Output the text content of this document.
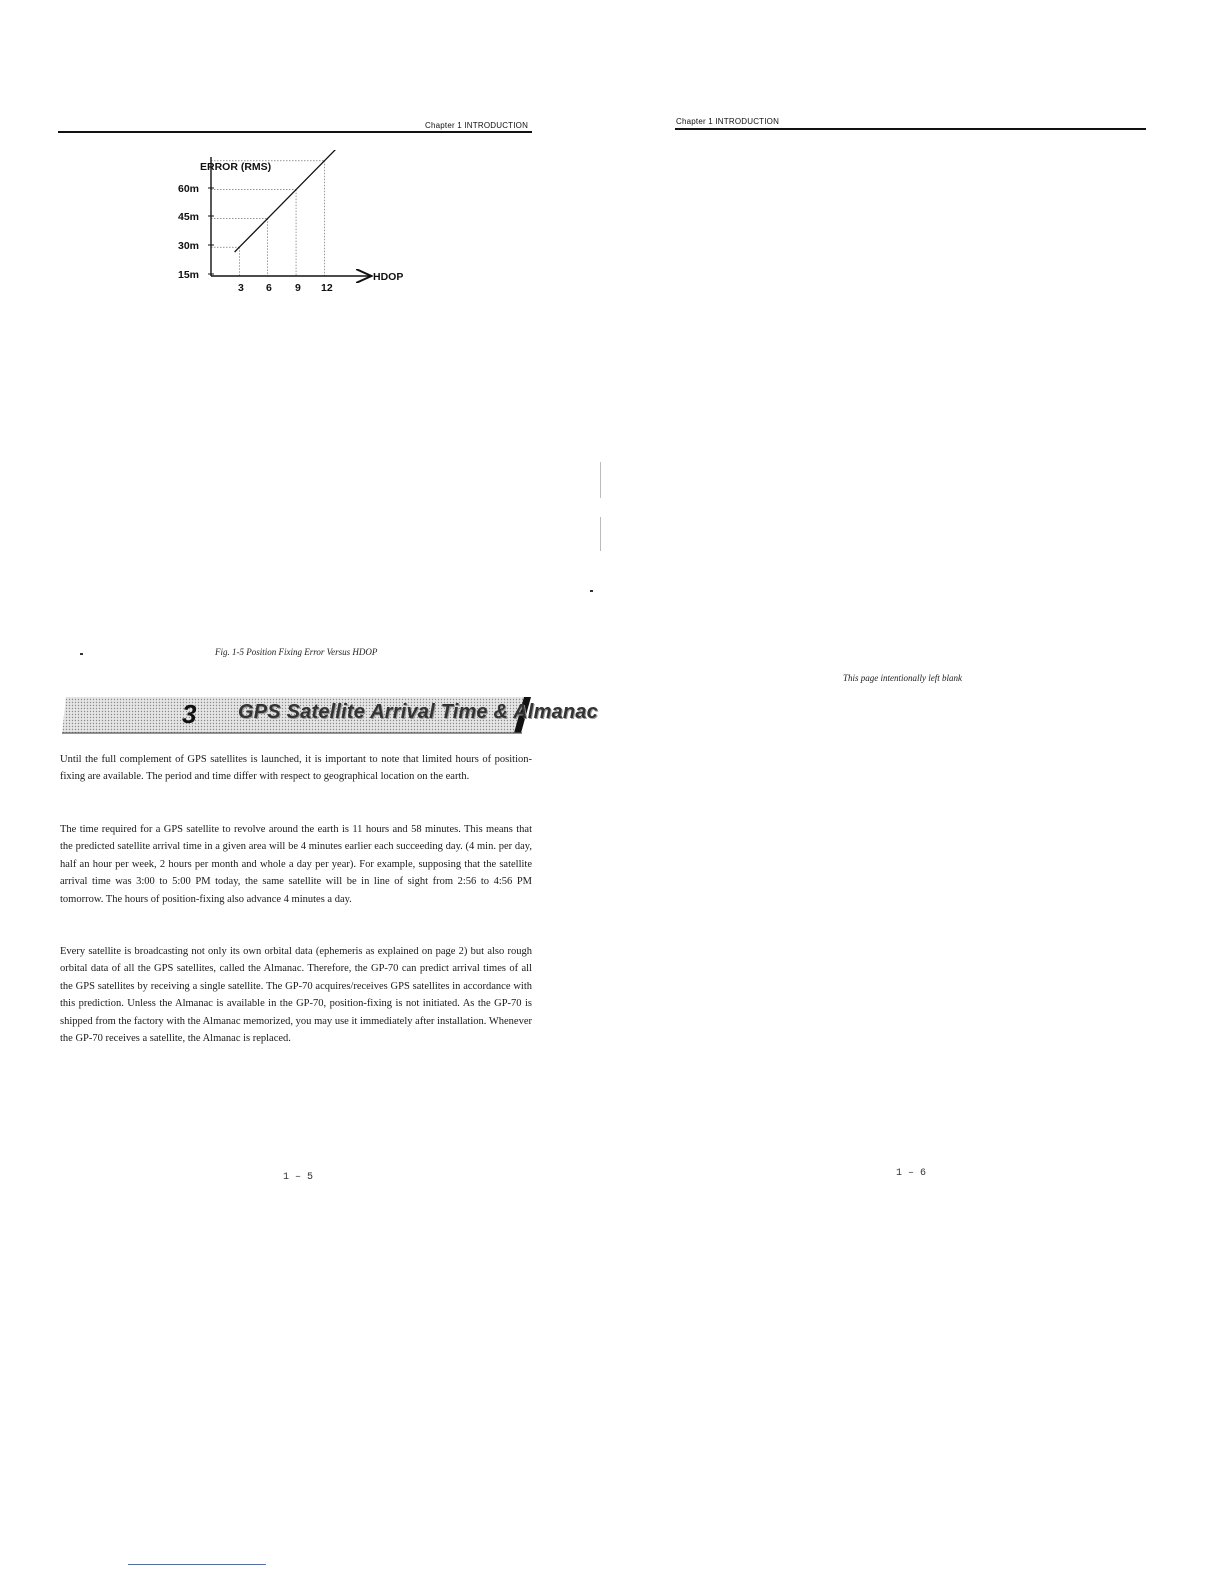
Chapter 1 INTRODUCTION
ERROR (RMS)
HDOP
60m
45m
30m
15m
3 6 9 12
Fig. 1-5 Position Fixing Error Versus HDOP
3 GPS Satellite Arrival Time & Almanac

Until the full complement of GPS satellites is launched, it is important to note that limited hours of position-fixing are available. The period and time differ with respect to geographical location on the earth.

The time required for a GPS satellite to revolve around the earth is 11 hours and 58 minutes. This means that the predicted satellite arrival time in a given area will be 4 minutes earlier each succeeding day. (4 min. per day, half an hour per week, 2 hours per month and whole a day per year). For example, supposing that the satellite arrival time was 3:00 to 5:00 PM today, the same satellite will be in line of sight from 2:56 to 4:56 PM tomorrow. The hours of position-fixing also advance 4 minutes a day.

Every satellite is broadcasting not only its own orbital data (ephemeris as explained on page 2) but also rough orbital data of all the GPS satellites, called the Almanac. Therefore, the GP-70 can predict arrival times of all the GPS satellites by receiving a single satellite. The GP-70 acquires/receives GPS satellites in accordance with this prediction. Unless the Almanac is available in the GP-70, position-fixing is not initiated. As the GP-70 is shipped from the factory with the Almanac memorized, you may use it immediately after installation. Whenever the GP-70 receives a satellite, the Almanac is replaced.

1 – 5
Chapter 1 INTRODUCTION
This page intentionally left blank
1 – 6
